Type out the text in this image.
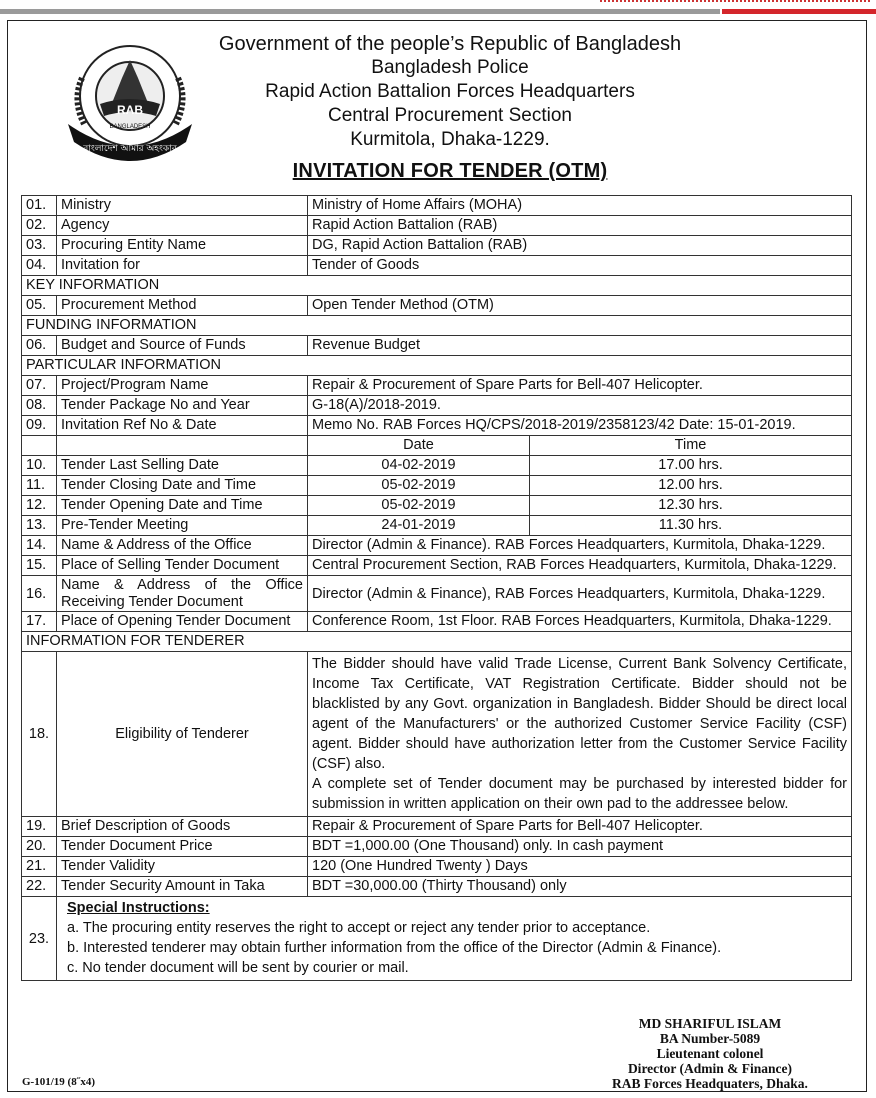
RAB
BANGLADESH
বাংলাদেশ আমার অহংকার
Government of the people’s Republic of Bangladesh
Bangladesh Police
Rapid Action Battalion Forces Headquarters
Central Procurement Section
Kurmitola, Dhaka-1229.
INVITATION FOR TENDER (OTM)
01.	Ministry	Ministry of Home Affairs (MOHA)	
02.	Agency	Rapid Action Battalion (RAB)	
03.	Procuring Entity Name	DG, Rapid Action Battalion (RAB)	
04.	Invitation for	Tender of Goods	
KEY INFORMATION			
05.	Procurement Method	Open Tender Method (OTM)	
FUNDING INFORMATION			
06.	Budget and Source of Funds	Revenue Budget	
PARTICULAR INFORMATION			
07.	Project/Program Name	Repair & Procurement of Spare Parts for Bell-407 Helicopter.	
08.	Tender Package No and Year	G-18(A)/2018-2019.	
09.	Invitation Ref No & Date	Memo No. RAB Forces HQ/CPS/2018-2019/2358123/42 Date: 15-01-2019.	
		Date	Time
10.	Tender Last Selling Date	04-02-2019	17.00 hrs.
11.	Tender Closing Date and Time	05-02-2019	12.00 hrs.
12.	Tender Opening Date and Time	05-02-2019	12.30 hrs.
13.	Pre-Tender Meeting	24-01-2019	11.30 hrs.
14.	Name & Address of the Office	Director (Admin & Finance). RAB Forces Headquarters, Kurmitola, Dhaka-1229.	
15.	Place of Selling Tender Document	Central Procurement Section, RAB Forces Headquarters, Kurmitola, Dhaka-1229.	
16.	Name & Address of the Office Receiving Tender Document	Director (Admin & Finance), RAB Forces Headquarters, Kurmitola, Dhaka-1229.	
17.	Place of Opening Tender Document	Conference Room, 1st Floor. RAB Forces Headquarters, Kurmitola, Dhaka-1229.	
INFORMATION FOR TENDERER			
18.	Eligibility of Tenderer	The Bidder should have valid Trade License, Current Bank Solvency Certificate, Income Tax Certificate, VAT Registration Certificate. Bidder should not be blacklisted by any Govt. organization in Bangladesh. Bidder Should be direct local agent of the Manufacturers' or the authorized Customer Service Facility (CSF) agent. Bidder should have authorization letter from the Customer Service Facility (CSF) also.
A complete set of Tender document may be purchased by interested bidder for submission in written application on their own pad to the addressee below.	

19.	Brief Description of Goods	Repair & Procurement of Spare Parts for Bell-407 Helicopter.	
20.	Tender Document Price	BDT =1,000.00 (One Thousand) only. In cash payment	
21.	Tender Validity	120 (One Hundred Twenty ) Days	
22.	Tender Security Amount in Taka	BDT =30,000.00 (Thirty Thousand) only	
23.	Special Instructions:
a. The procuring entity reserves the right to accept or reject any tender prior to acceptance.
b. Interested tenderer may obtain further information from the office of the Director (Admin & Finance).
c. No tender document will be sent by courier or mail.		
MD SHARIFUL ISLAM
BA Number-5089
Lieutenant colonel
Director (Admin & Finance)
RAB Forces Headquaters, Dhaka.
G-101/19 (8˝x4)
